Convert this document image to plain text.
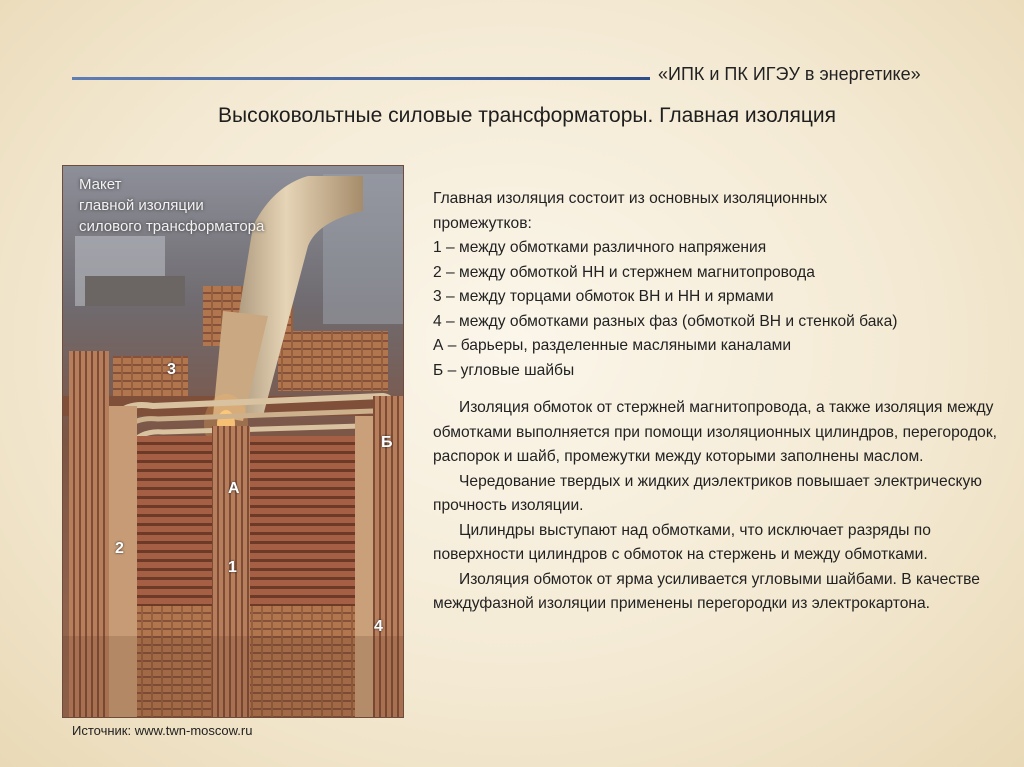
«ИПК и ПК ИГЭУ в энергетике»
Высоковольтные силовые трансформаторы. Главная изоляция
Макет
главной изоляции
силового трансформатора
3
Б
А
2
1
4
Источник: www.twn-moscow.ru
Главная изоляция состоит из основных изоляционных
промежутков:
1 – между обмотками различного напряжения
2 – между обмоткой НН и стержнем магнитопровода
3 – между торцами обмоток ВН и НН и ярмами
4 – между обмотками разных фаз (обмоткой ВН и стенкой бака)
А – барьеры, разделенные масляными каналами
Б – угловые шайбы

Изоляция обмоток от стержней магнитопровода, а также изоляция между обмотками выполняется при помощи изоляционных цилиндров, перегородок, распорок и шайб, промежутки между которыми заполнены маслом.

Чередование твердых и жидких диэлектриков повышает электрическую прочность изоляции.

Цилиндры выступают над обмотками, что исключает разряды по поверхности цилиндров с обмоток на стержень и между обмотками.

Изоляция обмоток от ярма усиливается угловыми шайбами. В качестве междуфазной изоляции применены перегородки из электрокартона.
